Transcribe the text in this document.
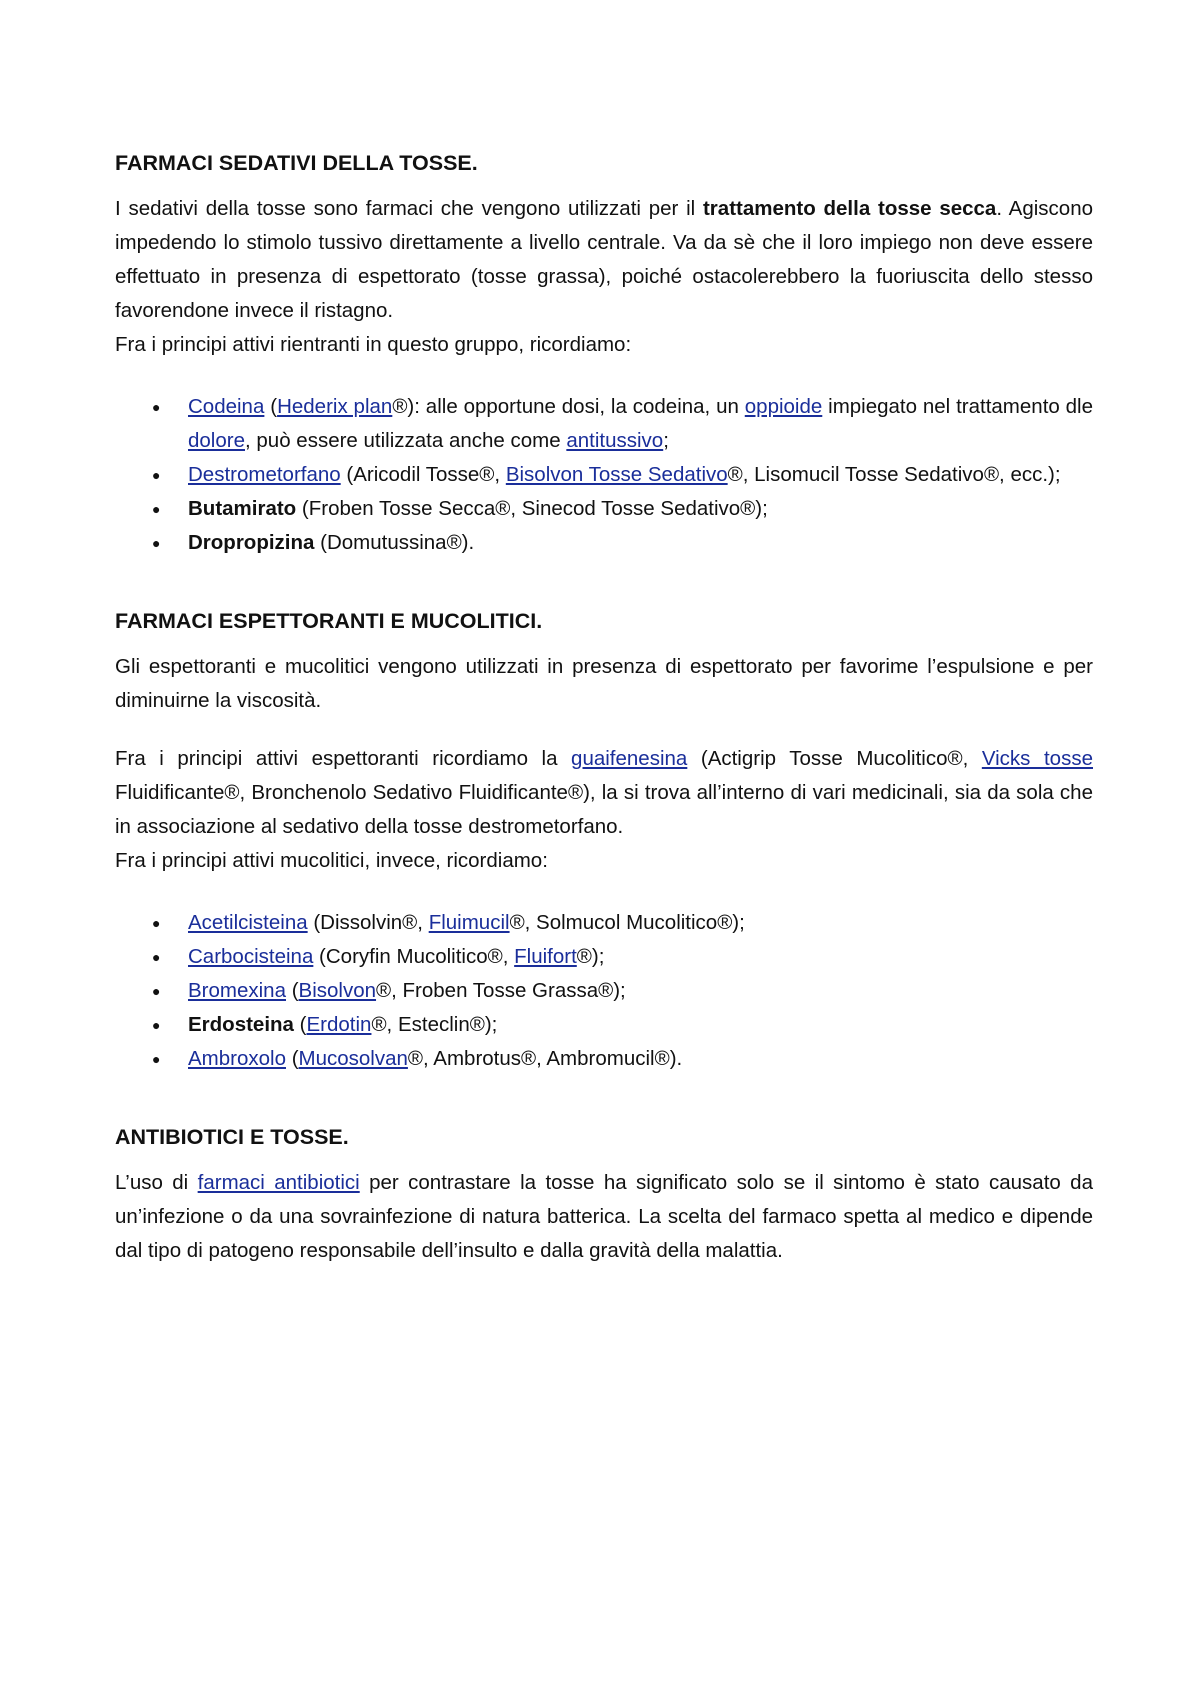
FARMACI SEDATIVI DELLA TOSSE.

I sedativi della tosse sono farmaci che vengono utilizzati per il trattamento della tosse secca. Agiscono impedendo lo stimolo tussivo direttamente a livello centrale. Va da sè che il loro impiego non deve essere effettuato in presenza di espettorato (tosse grassa), poiché ostacolerebbero la fuoriuscita dello stesso favorendone invece il ristagno.

Fra i principi attivi rientranti in questo gruppo, ricordiamo:

● Codeina (Hederix plan®): alle opportune dosi, la codeina, un oppioide impiegato nel trattamento dle dolore, può essere utilizzata anche come antitussivo;
● Destrometorfano (Aricodil Tosse®, Bisolvon Tosse Sedativo®, Lisomucil Tosse Sedativo®, ecc.);
● Butamirato (Froben Tosse Secca®, Sinecod Tosse Sedativo®);
● Dropropizina (Domutussina®).
FARMACI ESPETTORANTI E MUCOLITICI.

Gli espettoranti e mucolitici vengono utilizzati in presenza di espettorato per favorime l’espulsione e per diminuirne la viscosità.

Fra i principi attivi espettoranti ricordiamo la guaifenesina (Actigrip Tosse Mucolitico®, Vicks tosse Fluidificante®, Bronchenolo Sedativo Fluidificante®), la si trova all’interno di vari medicinali, sia da sola che in associazione al sedativo della tosse destrometorfano.

Fra i principi attivi mucolitici, invece, ricordiamo:

● Acetilcisteina (Dissolvin®, Fluimucil®, Solmucol Mucolitico®);
● Carbocisteina (Coryfin Mucolitico®, Fluifort®);
● Bromexina (Bisolvon®, Froben Tosse Grassa®);
● Erdosteina (Erdotin®, Esteclin®);
● Ambroxolo (Mucosolvan®, Ambrotus®, Ambromucil®).
ANTIBIOTICI E TOSSE.

L’uso di farmaci antibiotici per contrastare la tosse ha significato solo se il sintomo è stato causato da un’infezione o da una sovrainfezione di natura batterica. La scelta del farmaco spetta al medico e dipende dal tipo di patogeno responsabile dell’insulto e dalla gravità della malattia.
